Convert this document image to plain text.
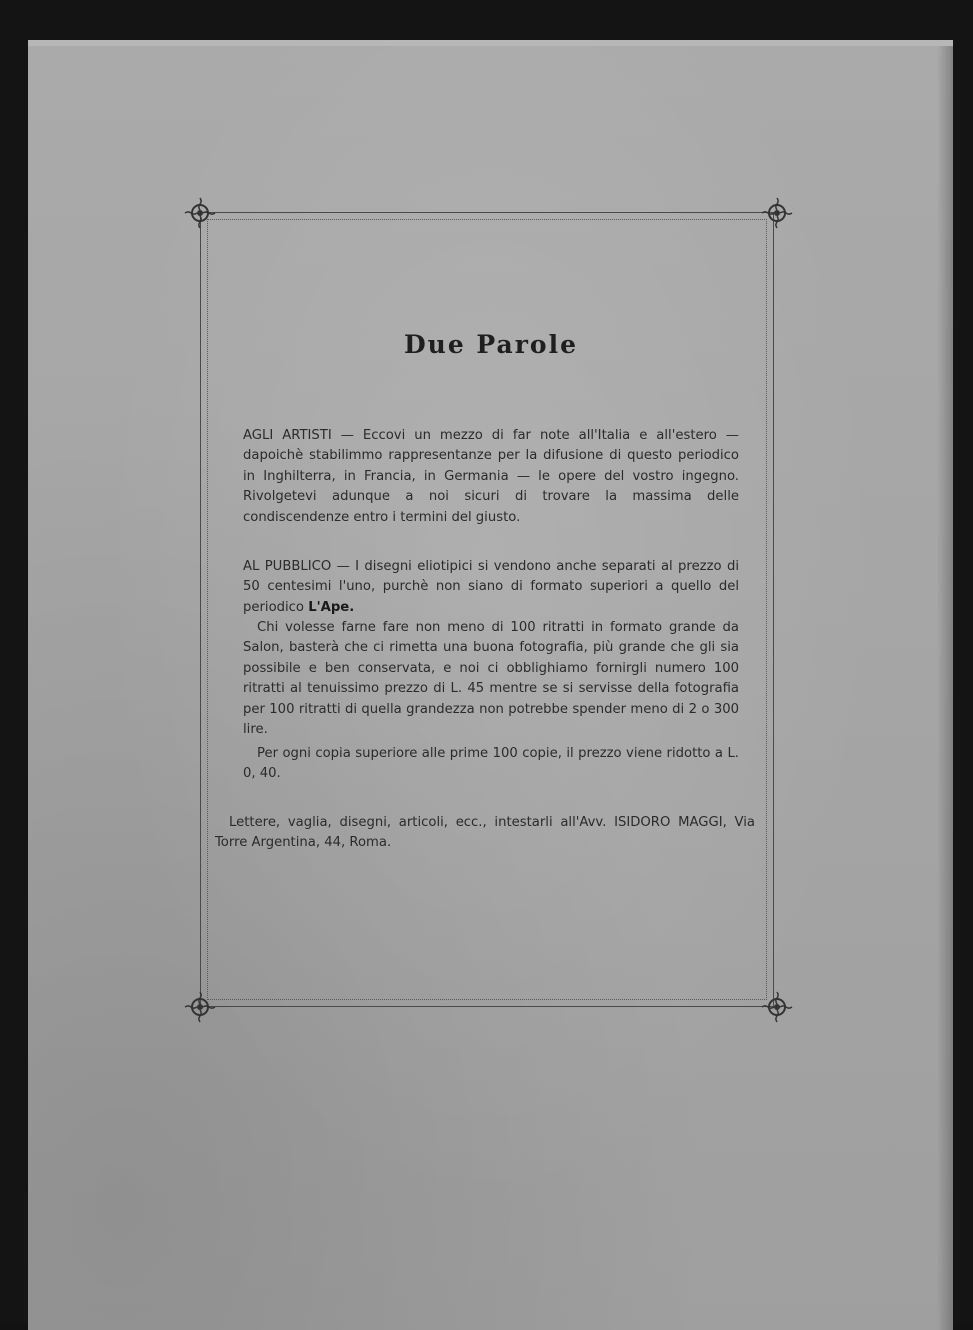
Due Parole

AGLI ARTISTI — Eccovi un mezzo di far note all'Italia e all'estero — dapoichè stabilimmo rappresentanze per la difusione di questo periodico in Inghilterra, in Francia, in Germania — le opere del vostro ingegno. Rivolgetevi adunque a noi sicuri di trovare la massima delle condiscendenze entro i termini del giusto.

AL PUBBLICO — I disegni eliotipici si vendono anche separati al prezzo di 50 centesimi l'uno, purchè non siano di formato superiori a quello del periodico L'Ape.

Chi volesse farne fare non meno di 100 ritratti in formato grande da Salon, basterà che ci rimetta una buona fotografia, più grande che gli sia possibile e ben conservata, e noi ci obblighiamo fornirgli numero 100 ritratti al tenuissimo prezzo di L. 45 mentre se si servisse della fotografia per 100 ritratti di quella grandezza non potrebbe spender meno di 2 o 300 lire.

Per ogni copia superiore alle prime 100 copie, il prezzo viene ridotto a L. 0, 40.

Lettere, vaglia, disegni, articoli, ecc., intestarli all'Avv. ISIDORO MAGGI, Via Torre Argentina, 44, Roma.
